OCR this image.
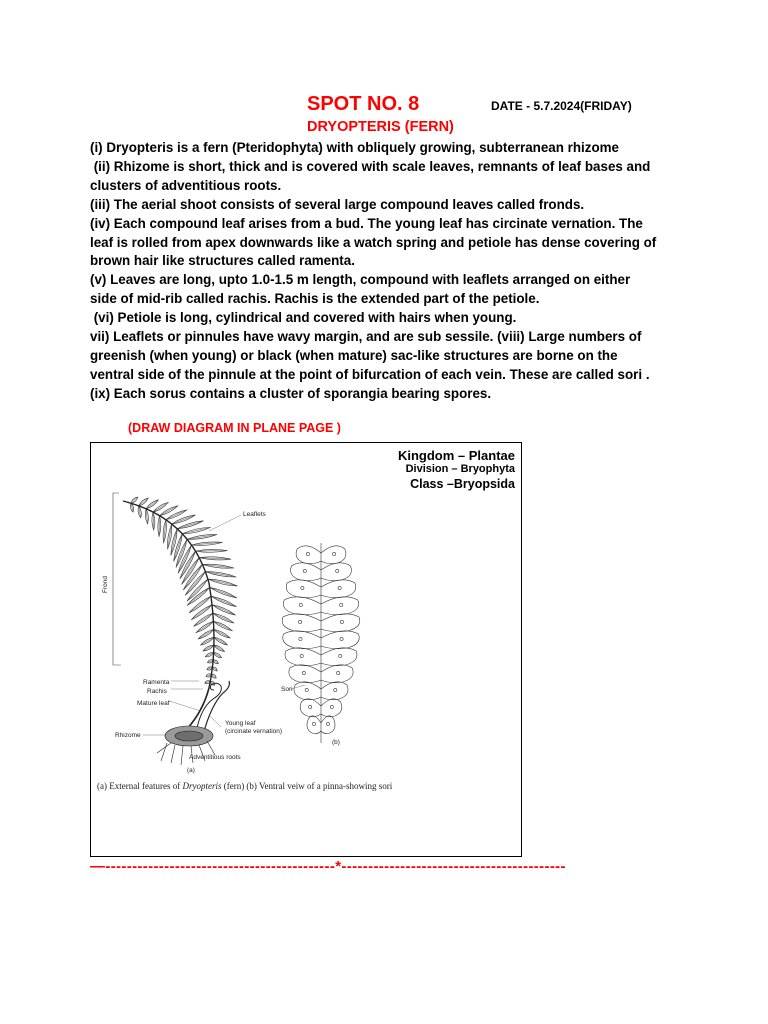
SPOT NO. 8	DATE - 5.7.2024(FRIDAY)
DRYOPTERIS (FERN)

(i) Dryopteris is a fern (Pteridophyta) with obliquely growing, subterranean rhizome

(ii) Rhizome is short, thick and is covered with scale leaves, remnants of leaf bases and

clusters of adventitious roots.

(iii) The aerial shoot consists of several large compound leaves called fronds.

(iv) Each compound leaf arises from a bud. The young leaf has circinate vernation. The

leaf is rolled from apex downwards like a watch spring and petiole has dense covering of

brown hair like structures called ramenta.

(v) Leaves are long, upto 1.0-1.5 m length, compound with leaflets arranged on either

side of mid-rib called rachis. Rachis is the extended part of the petiole.

(vi) Petiole is long, cylindrical and covered with hairs when young.

vii) Leaflets or pinnules have wavy margin, and are sub sessile. (viii) Large numbers of

greenish (when young) or black (when mature) sac-like structures are borne on the

ventral side of the pinnule at the point of bifurcation of each vein. These are called sori .

(ix) Each sorus contains a cluster of sporangia bearing spores.

(DRAW DIAGRAM IN PLANE PAGE )
Kingdom – Plantae
Division – Bryophyta
Class –Bryopsida
Leaflets
Frond
Ramenta
Rachis
Mature leaf
Young leaf
(circinate vernation)
Rhizome
Adventitious roots
(a)
Sori
(b)
(a) External features of Dryopteris (fern) (b) Ventral veiw of a pinna-showing sori
—-------------------------------------------*------------------------------------------
